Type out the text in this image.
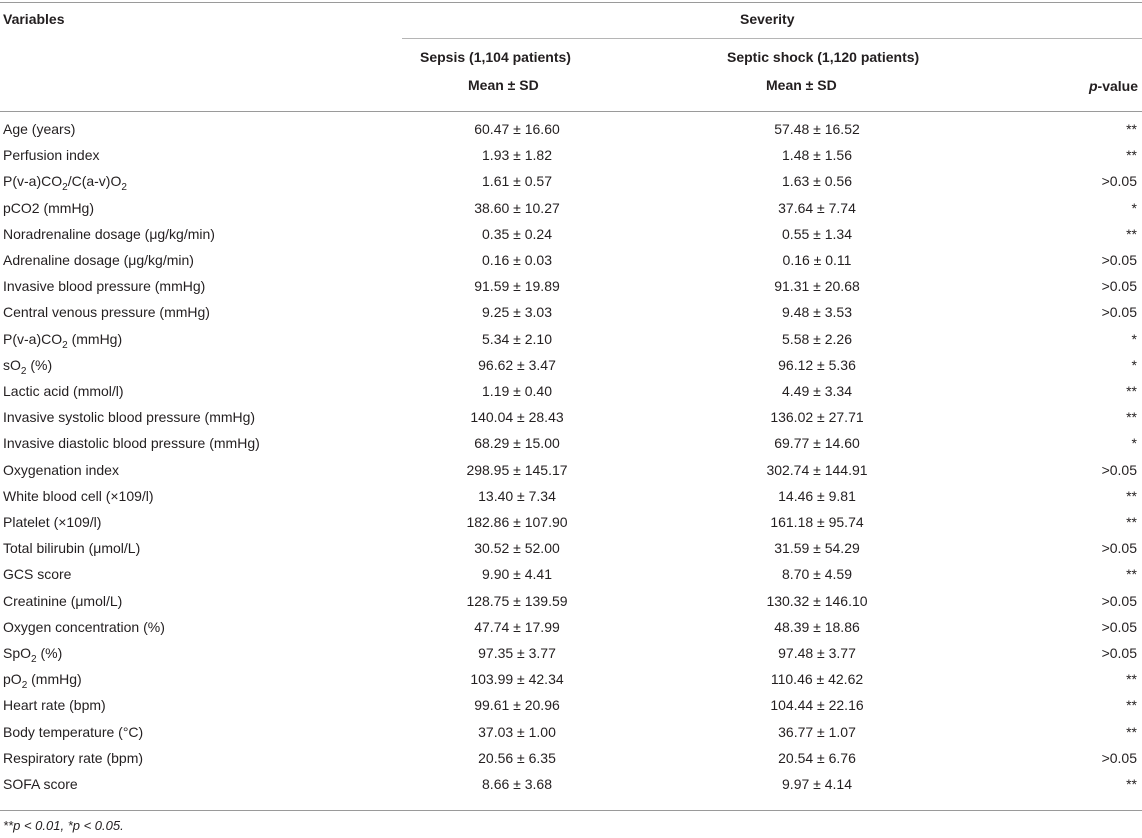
Variables	Severity
Sepsis (1,104 patients)	Septic shock (1,120 patients)
Mean ± SD	Mean ± SD	p-value
Age (years)	60.47 ± 16.60	57.48 ± 16.52	**
Perfusion index	1.93 ± 1.82	1.48 ± 1.56	**
$P(v-a)CO_2/C(a-v)O_2$	1.61 ± 0.57	1.63 ± 0.56	>0.05
pCO2 (mmHg)	38.60 ± 10.27	37.64 ± 7.74	*
Noradrenaline dosage (μg/kg/min)	0.35 ± 0.24	0.55 ± 1.34	**
Adrenaline dosage (μg/kg/min)	0.16 ± 0.03	0.16 ± 0.11	>0.05
Invasive blood pressure (mmHg)	91.59 ± 19.89	91.31 ± 20.68	>0.05
Central venous pressure (mmHg)	9.25 ± 3.03	9.48 ± 3.53	>0.05
$P(v-a)CO_2$ (mmHg)	5.34 ± 2.10	5.58 ± 2.26	*
$sO_2$ (%)	96.62 ± 3.47	96.12 ± 5.36	*
Lactic acid (mmol/l)	1.19 ± 0.40	4.49 ± 3.34	**
Invasive systolic blood pressure (mmHg)	140.04 ± 28.43	136.02 ± 27.71	**
Invasive diastolic blood pressure (mmHg)	68.29 ± 15.00	69.77 ± 14.60	*
Oxygenation index	298.95 ± 145.17	302.74 ± 144.91	>0.05
White blood cell (×109/l)	13.40 ± 7.34	14.46 ± 9.81	**
Platelet (×109/l)	182.86 ± 107.90	161.18 ± 95.74	**
Total bilirubin (μmol/L)	30.52 ± 52.00	31.59 ± 54.29	>0.05
GCS score	9.90 ± 4.41	8.70 ± 4.59	**
Creatinine (μmol/L)	128.75 ± 139.59	130.32 ± 146.10	>0.05
Oxygen concentration (%)	47.74 ± 17.99	48.39 ± 18.86	>0.05
SpO$_2$ (%)	97.35 ± 3.77	97.48 ± 3.77	>0.05
$pO_2$ (mmHg)	103.99 ± 42.34	110.46 ± 42.62	**
Heart rate (bpm)	99.61 ± 20.96	104.44 ± 22.16	**
Body temperature (°C)	37.03 ± 1.00	36.77 ± 1.07	**
Respiratory rate (bpm)	20.56 ± 6.35	20.54 ± 6.76	>0.05
SOFA score	8.66 ± 3.68	9.97 ± 4.14	**
**p < 0.01, *p < 0.05.
